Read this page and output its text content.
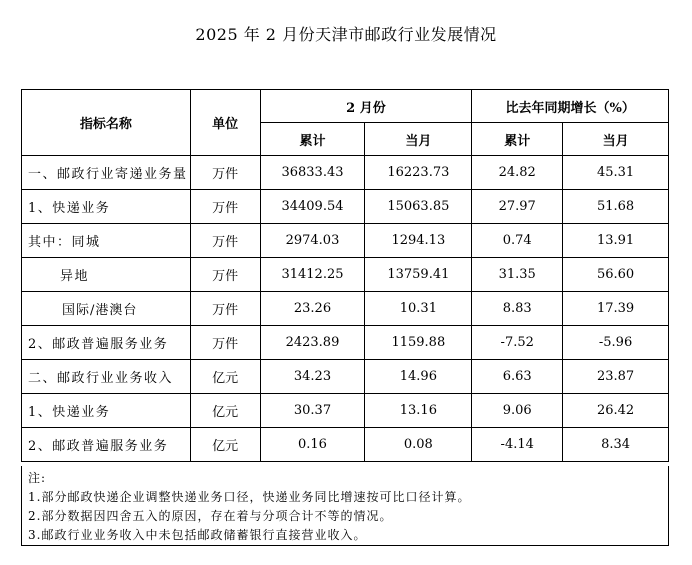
2025 年 2 月份天津市邮政行业发展情况
指标名称	单位	2 月份		比去年同期增长（%）	
		累计	当月	累计	当月
一、邮政行业寄递业务量	万件	36833.43	16223.73	24.82	45.31
1、快递业务	万件	34409.54	15063.85	27.97	51.68
其中：同城	万件	2974.03	1294.13	0.74	13.91
异地	万件	31412.25	13759.41	31.35	56.60
国际/港澳台	万件	23.26	10.31	8.83	17.39
2、邮政普遍服务业务	万件	2423.89	1159.88	-7.52	-5.96
二、邮政行业业务收入	亿元	34.23	14.96	6.63	23.87
1、快递业务	亿元	30.37	13.16	9.06	26.42
2、邮政普遍服务业务	亿元	0.16	0.08	-4.14	8.34
注:
1.部分邮政快递企业调整快递业务口径，快递业务同比增速按可比口径计算。
2.部分数据因四舍五入的原因，存在着与分项合计不等的情况。
3.邮政行业业务收入中未包括邮政储蓄银行直接营业收入。
